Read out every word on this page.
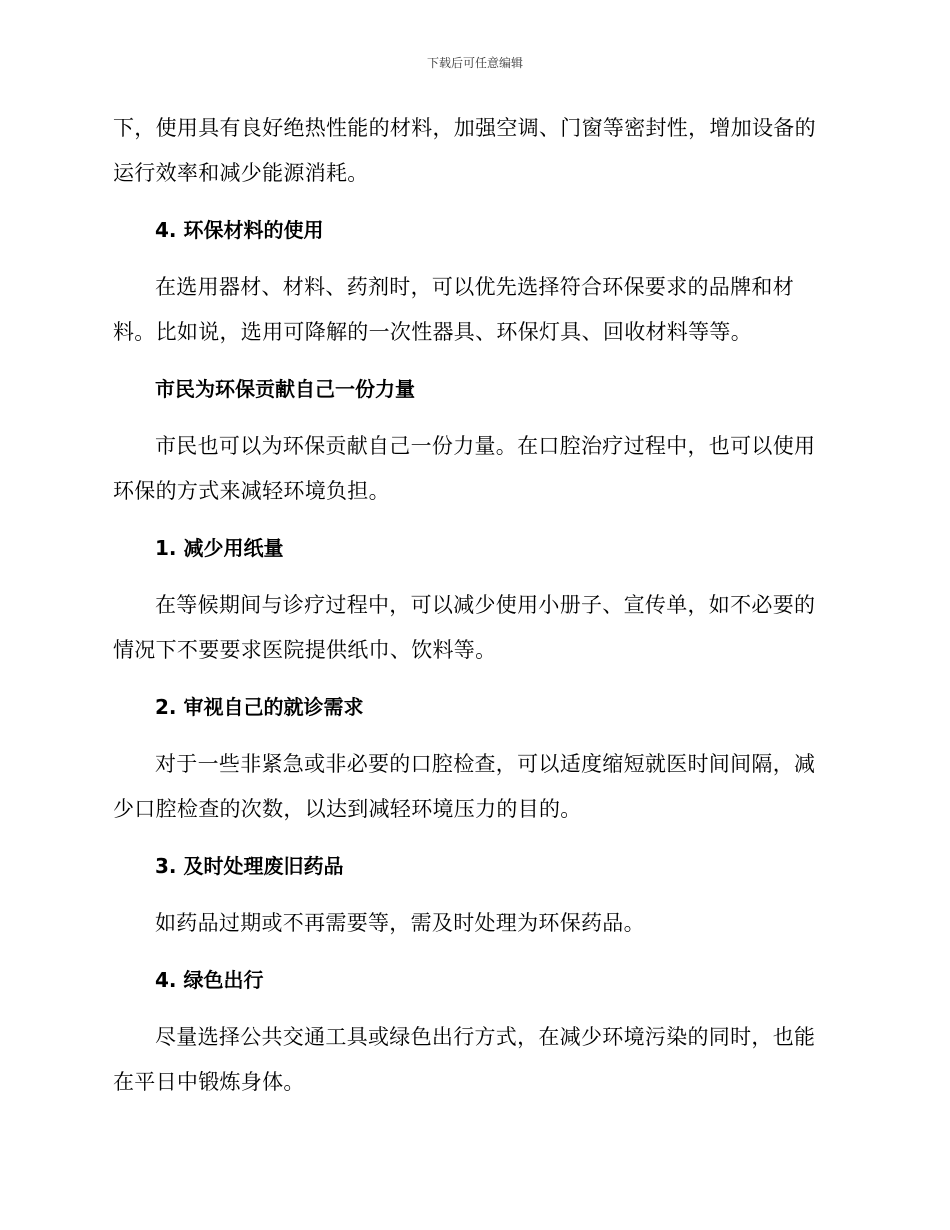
下载后可任意编辑

下，使用具有良好绝热性能的材料，加强空调、门窗等密封性，增加设备的运行效率和减少能源消耗。

4. 环保材料的使用

在选用器材、材料、药剂时，可以优先选择符合环保要求的品牌和材料。比如说，选用可降解的一次性器具、环保灯具、回收材料等等。

市民为环保贡献自己一份力量

市民也可以为环保贡献自己一份力量。在口腔治疗过程中，也可以使用环保的方式来减轻环境负担。

1. 减少用纸量

在等候期间与诊疗过程中，可以减少使用小册子、宣传单，如不必要的情况下不要要求医院提供纸巾、饮料等。

2. 审视自己的就诊需求

对于一些非紧急或非必要的口腔检查，可以适度缩短就医时间间隔，减少口腔检查的次数，以达到减轻环境压力的目的。

3. 及时处理废旧药品

如药品过期或不再需要等，需及时处理为环保药品。

4. 绿色出行

尽量选择公共交通工具或绿色出行方式，在减少环境污染的同时，也能在平日中锻炼身体。
